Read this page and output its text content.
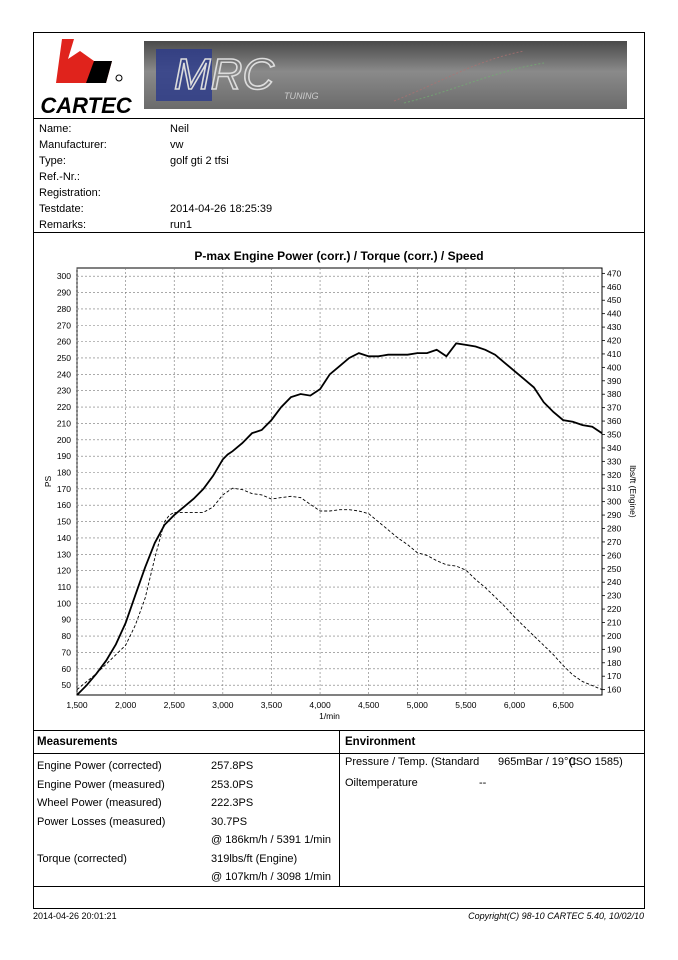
CARTEC
MRC TUNING
Name:	Neil
Manufacturer:	vw
Type:	golf gti 2 tfsi
Ref.-Nr.:
Registration:
Testdate:	2014-04-26 18:25:39
Remarks:	run1
P-max Engine Power (corr.) / Torque (corr.) / Speed
1,500	2,000	2,500	3,000	3,500	4,000	4,500	5,000	5,500	6,000	6,500
50
60
70
80
90
100
110
120
130
140
150
160
170
180
190
200
210
220
230
240
250
260
270
280
290
300
160
170
180
190
200
210
220
230
240
250
260
270
280
290
300
310
320
330
340
350
360
370
380
390
400
410
420
430
440
450
460
470
1/min
PS	lbs/ft (Engine)
Measurements	Environment
Engine Power (corrected)	257.8PS
Engine Power (measured)	253.0PS
Wheel Power (measured)	222.3PS
Power Losses (measured)	30.7PS
@ 186km/h / 5391 1/min
Torque (corrected)	319lbs/ft (Engine)
@ 107km/h / 3098 1/min
Pressure / Temp. (Standard 965mBar / 19°C
(ISO 1585)
Oiltemperature	--
2014-04-26 20:01:21	Copyright(C) 98-10 CARTEC 5.40, 10/02/10
